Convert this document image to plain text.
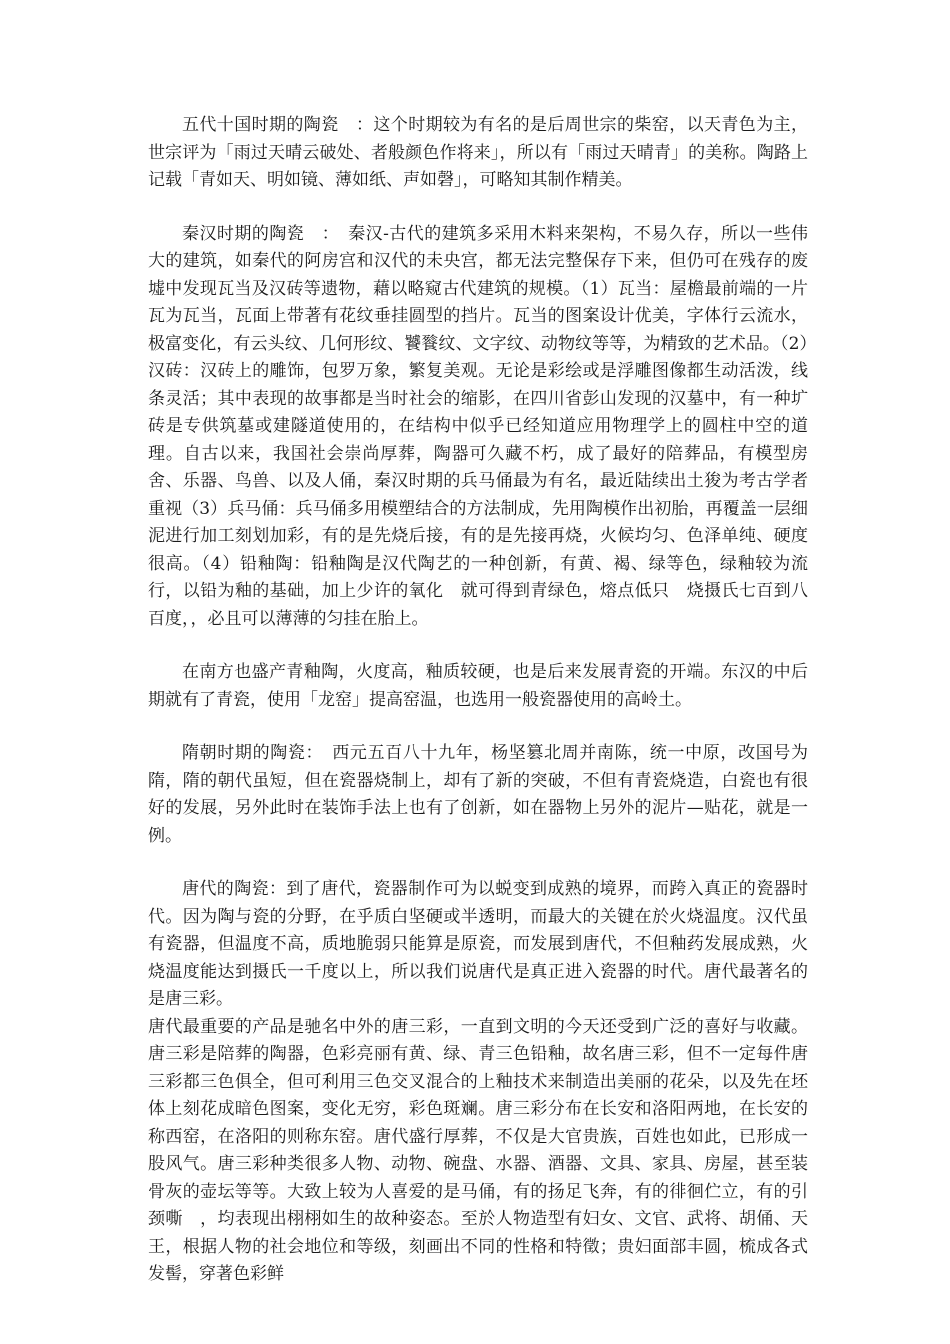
五代十国时期的陶瓷　：这个时期较为有名的是后周世宗的柴窑，以天青色为主，世宗评为「雨过天晴云破处、者般颜色作将来」，所以有「雨过天晴青」的美称。陶路上记载「青如天、明如镜、薄如纸、声如磬」，可略知其制作精美。

秦汉时期的陶瓷　：　秦汉-古代的建筑多采用木料来架构，不易久存，所以一些伟大的建筑，如秦代的阿房宫和汉代的未央宫，都无法完整保存下来，但仍可在残存的废墟中发现瓦当及汉砖等遗物，藉以略窥古代建筑的规模。（1）瓦当：屋檐最前端的一片瓦为瓦当，瓦面上带著有花纹垂挂圆型的挡片。瓦当的图案设计优美，字体行云流水，极富变化，有云头纹、几何形纹、饕餮纹、文字纹、动物纹等等，为精致的艺术品。（2）汉砖：汉砖上的雕饰，包罗万象，繁复美观。无论是彩绘或是浮雕图像都生动活泼，线条灵活；其中表现的故事都是当时社会的缩影，在四川省彭山发现的汉墓中，有一种圹砖是专供筑墓或建隧道使用的，在结构中似乎已经知道应用物理学上的圆柱中空的道理。自古以来，我国社会崇尚厚葬，陶器可久藏不朽，成了最好的陪葬品，有模型房舍、乐器、鸟兽、以及人俑，秦汉时期的兵马俑最为有名，最近陆续出土狻为考古学者重视（3）兵马俑：兵马俑多用模塑结合的方法制成，先用陶模作出初胎，再覆盖一层细泥进行加工刻划加彩，有的是先烧后接，有的是先接再烧，火候均匀、色泽单纯、硬度很高。（4）铅釉陶：铅釉陶是汉代陶艺的一种创新，有黄、褐、绿等色，绿釉较为流行，以铅为釉的基础，加上少许的氧化　就可得到青绿色，熔点低只　烧摄氏七百到八百度，，必且可以薄薄的匀挂在胎上。

在南方也盛产青釉陶，火度高，釉质较硬，也是后来发展青瓷的开端。东汉的中后期就有了青瓷，使用「龙窑」提高窑温，也选用一般瓷器使用的高岭土。

隋朝时期的陶瓷：　西元五百八十九年，杨坚篡北周并南陈，统一中原，改国号为隋，隋的朝代虽短，但在瓷器烧制上，却有了新的突破，不但有青瓷烧造，白瓷也有很好的发展，另外此时在装饰手法上也有了创新，如在器物上另外的泥片—贴花，就是一例。

唐代的陶瓷：到了唐代，瓷器制作可为以蜕变到成熟的境界，而跨入真正的瓷器时代。因为陶与瓷的分野，在乎质白坚硬或半透明，而最大的关键在於火烧温度。汉代虽有瓷器，但温度不高，质地脆弱只能算是原瓷，而发展到唐代，不但釉药发展成熟，火烧温度能达到摄氏一千度以上，所以我们说唐代是真正进入瓷器的时代。唐代最著名的是唐三彩。

唐代最重要的产品是驰名中外的唐三彩，一直到文明的今天还受到广泛的喜好与收藏。唐三彩是陪葬的陶器，色彩亮丽有黄、绿、青三色铅釉，故名唐三彩，但不一定每件唐三彩都三色俱全，但可利用三色交叉混合的上釉技术来制造出美丽的花朵，以及先在坯体上刻花成暗色图案，变化无穷，彩色斑斓。唐三彩分布在长安和洛阳两地，在长安的称西窑，在洛阳的则称东窑。唐代盛行厚葬，不仅是大官贵族，百姓也如此，已形成一股风气。唐三彩种类很多人物、动物、碗盘、水器、酒器、文具、家具、房屋，甚至装骨灰的壶坛等等。大致上较为人喜爱的是马俑，有的扬足飞奔，有的徘徊伫立，有的引颈嘶　，均表现出栩栩如生的故种姿态。至於人物造型有妇女、文官、武将、胡俑、天王，根据人物的社会地位和等级，刻画出不同的性格和特徵；贵妇面部丰圆，梳成各式发髻，穿著色彩鲜
